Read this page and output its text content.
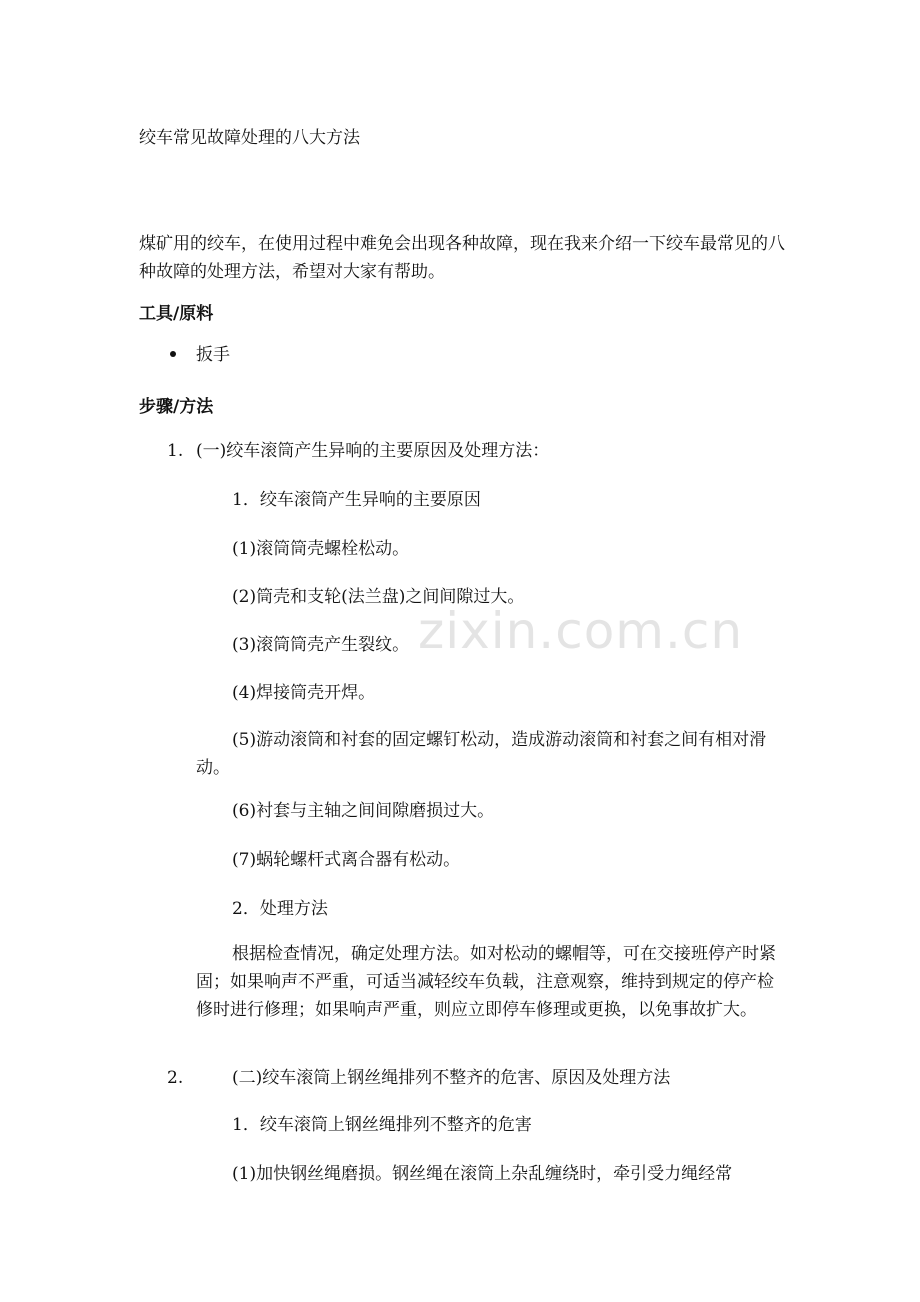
zixin.com.cn
绞车常见故障处理的八大方法
煤矿用的绞车，在使用过程中难免会出现各种故障，现在我来介绍一下绞车最常见的八种故障的处理方法，希望对大家有帮助。
工具/原料
扳手
步骤/方法
1. (一)绞车滚筒产生异响的主要原因及处理方法：
1．绞车滚筒产生异响的主要原因
(1)滚筒筒壳螺栓松动。
(2)筒壳和支轮(法兰盘)之间间隙过大。
(3)滚筒筒壳产生裂纹。
(4)焊接筒壳开焊。
(5)游动滚筒和衬套的固定螺钉松动，造成游动滚筒和衬套之间有相对滑动。
(6)衬套与主轴之间间隙磨损过大。
(7)蜗轮螺杆式离合器有松动。
2．处理方法
根据检查情况，确定处理方法。如对松动的螺帽等，可在交接班停产时紧固；如果响声不严重，可适当减轻绞车负载，注意观察，维持到规定的停产检修时进行修理；如果响声严重，则应立即停车修理或更换，以免事故扩大。
2.	(二)绞车滚筒上钢丝绳排列不整齐的危害、原因及处理方法
1．绞车滚筒上钢丝绳排列不整齐的危害
(1)加快钢丝绳磨损。钢丝绳在滚筒上杂乱缠绕时，牵引受力绳经常
